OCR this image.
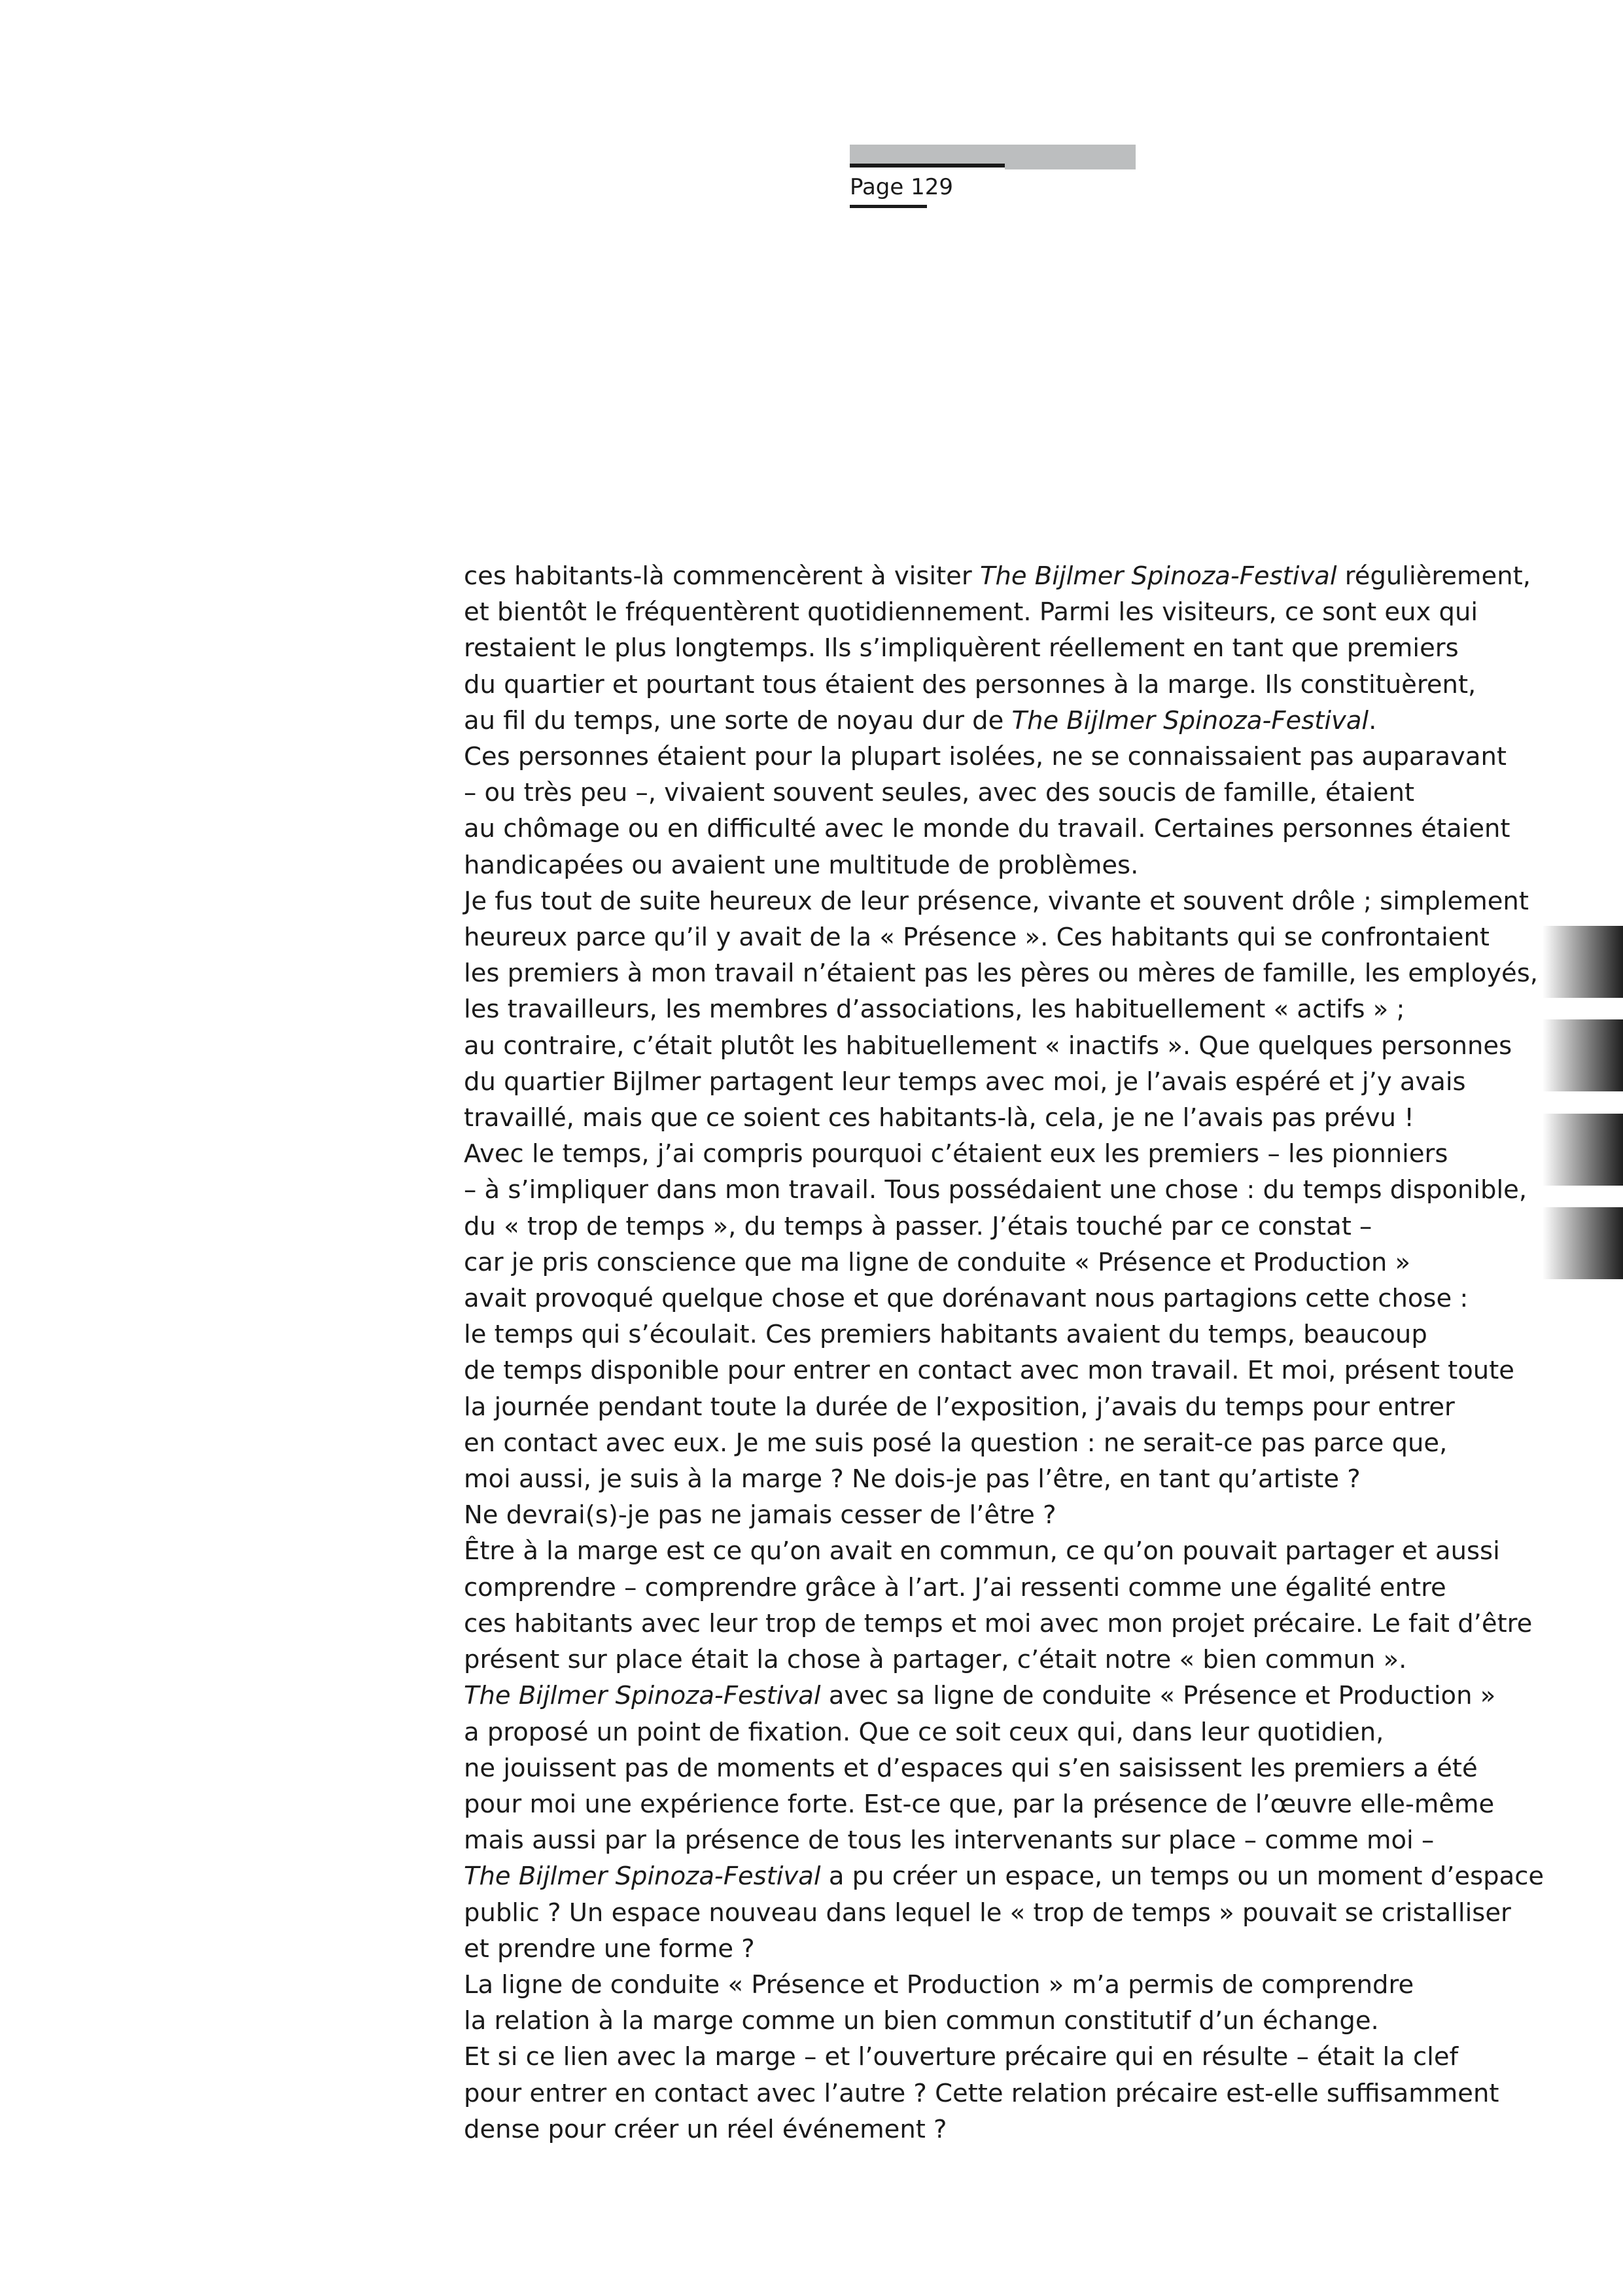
Page 129

ces habitants-là commencèrent à visiter The Bijlmer Spinoza-Festival régulièrement,
et bientôt le fréquentèrent quotidiennement. Parmi les visiteurs, ce sont eux qui
restaient le plus longtemps. Ils s’impliquèrent réellement en tant que premiers
du quartier et pourtant tous étaient des personnes à la marge. Ils constituèrent,
au fil du temps, une sorte de noyau dur de The Bijlmer Spinoza-Festival.
Ces personnes étaient pour la plupart isolées, ne se connaissaient pas auparavant
– ou très peu –, vivaient souvent seules, avec des soucis de famille, étaient
au chômage ou en difficulté avec le monde du travail. Certaines personnes étaient
handicapées ou avaient une multitude de problèmes.
Je fus tout de suite heureux de leur présence, vivante et souvent drôle ; simplement
heureux parce qu’il y avait de la « Présence ». Ces habitants qui se confrontaient
les premiers à mon travail n’étaient pas les pères ou mères de famille, les employés,
les travailleurs, les membres d’associations, les habituellement « actifs » ;
au contraire, c’était plutôt les habituellement « inactifs ». Que quelques personnes
du quartier Bijlmer partagent leur temps avec moi, je l’avais espéré et j’y avais
travaillé, mais que ce soient ces habitants-là, cela, je ne l’avais pas prévu !
Avec le temps, j’ai compris pourquoi c’étaient eux les premiers – les pionniers
– à s’impliquer dans mon travail. Tous possédaient une chose : du temps disponible,
du « trop de temps », du temps à passer. J’étais touché par ce constat –
car je pris conscience que ma ligne de conduite « Présence et Production »
avait provoqué quelque chose et que dorénavant nous partagions cette chose :
le temps qui s’écoulait. Ces premiers habitants avaient du temps, beaucoup
de temps disponible pour entrer en contact avec mon travail. Et moi, présent toute
la journée pendant toute la durée de l’exposition, j’avais du temps pour entrer
en contact avec eux. Je me suis posé la question : ne serait-ce pas parce que,
moi aussi, je suis à la marge ? Ne dois-je pas l’être, en tant qu’artiste ?
Ne devrai(s)-je pas ne jamais cesser de l’être ?
Être à la marge est ce qu’on avait en commun, ce qu’on pouvait partager et aussi
comprendre – comprendre grâce à l’art. J’ai ressenti comme une égalité entre
ces habitants avec leur trop de temps et moi avec mon projet précaire. Le fait d’être
présent sur place était la chose à partager, c’était notre « bien commun ».
The Bijlmer Spinoza-Festival avec sa ligne de conduite « Présence et Production »
a proposé un point de fixation. Que ce soit ceux qui, dans leur quotidien,
ne jouissent pas de moments et d’espaces qui s’en saisissent les premiers a été
pour moi une expérience forte. Est-ce que, par la présence de l’œuvre elle-même
mais aussi par la présence de tous les intervenants sur place – comme moi –
The Bijlmer Spinoza-Festival a pu créer un espace, un temps ou un moment d’espace
public ? Un espace nouveau dans lequel le « trop de temps » pouvait se cristalliser
et prendre une forme ?
La ligne de conduite « Présence et Production » m’a permis de comprendre
la relation à la marge comme un bien commun constitutif d’un échange.
Et si ce lien avec la marge – et l’ouverture précaire qui en résulte – était la clef
pour entrer en contact avec l’autre ? Cette relation précaire est-elle suffisamment
dense pour créer un réel événement ?
